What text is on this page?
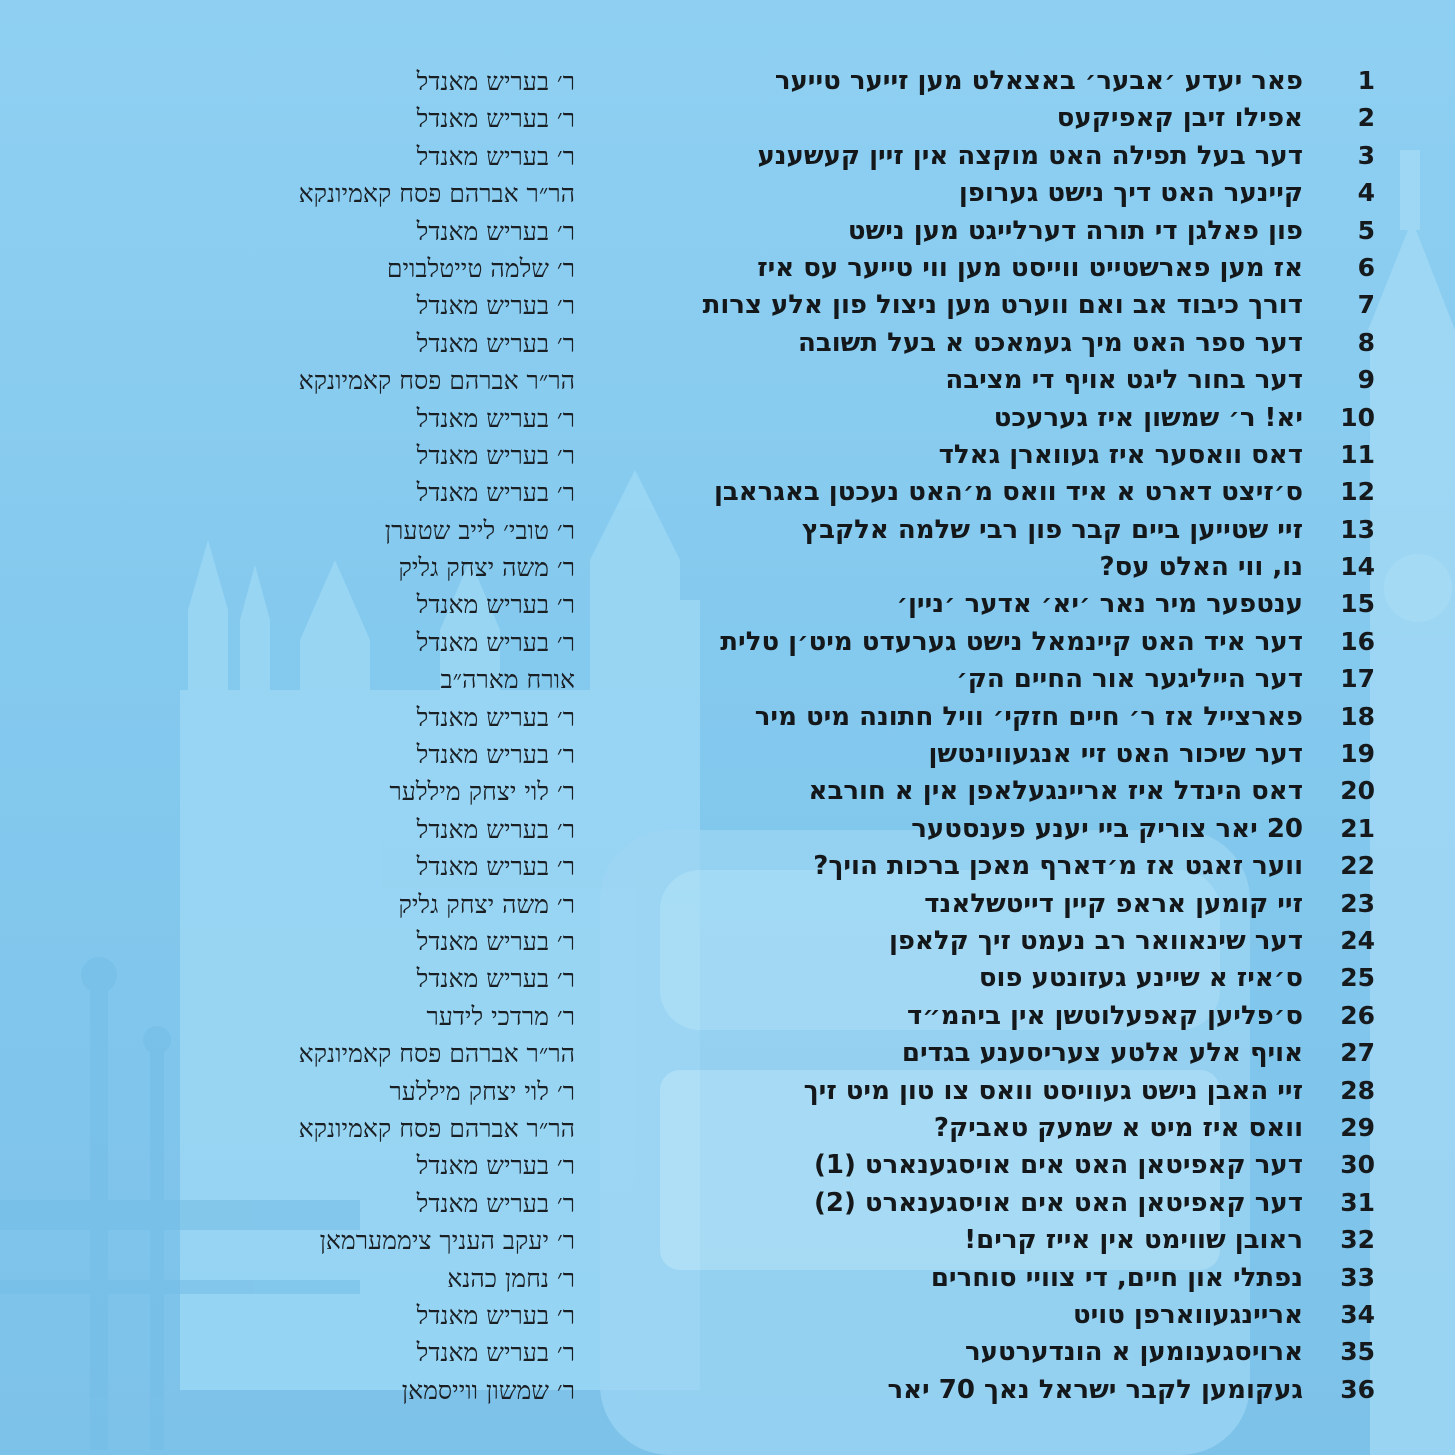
1
פאר יעדע ׳אבער׳ באצאלט מען זייער טייער
ר׳ בעריש מאנדל
2
אפילו זיבן קאפיקעס
ר׳ בעריש מאנדל
3
דער בעל תפילה האט מוקצה אין זיין קעשענע
ר׳ בעריש מאנדל
4
קיינער האט דיך נישט גערופן
הר״ר אברהם פסח קאמיונקא
5
פון פאלגן די תורה דערלייגט מען נישט
ר׳ בעריש מאנדל
6
אז מען פארשטייט ווייסט מען ווי טייער עס איז
ר׳ שלמה טייטלבוים
7
דורך כיבוד אב ואם ווערט מען ניצול פון אלע צרות
ר׳ בעריש מאנדל
8
דער ספר האט מיך געמאכט א בעל תשובה
ר׳ בעריש מאנדל
9
דער בחור ליגט אויף די מציבה
הר״ר אברהם פסח קאמיונקא
10
יא! ר׳ שמשון איז גערעכט
ר׳ בעריש מאנדל
11
דאס וואסער איז געווארן גאלד
ר׳ בעריש מאנדל
12
ס׳זיצט דארט א איד וואס מ׳האט נעכטן באגראבן
ר׳ בעריש מאנדל
13
זיי שטייען ביים קבר פון רבי שלמה אלקבץ
ר׳ טובי׳ לייב שטערן
14
נו, ווי האלט עס?
ר׳ משה יצחק גליק
15
ענטפער מיר נאר ׳יא׳ אדער ׳ניין׳
ר׳ בעריש מאנדל
16
דער איד האט קיינמאל נישט גערעדט מיט׳ן טלית
ר׳ בעריש מאנדל
17
דער הייליגער אור החיים הק׳
אורח מארה״ב
18
פארצייל אז ר׳ חיים חזקי׳ וויל חתונה מיט מיר
ר׳ בעריש מאנדל
19
דער שיכור האט זיי אנגעווינטשן
ר׳ בעריש מאנדל
20
דאס הינדל איז אריינגעלאפן אין א חורבא
ר׳ לוי יצחק מיללער
21
20 יאר צוריק ביי יענע פענסטער
ר׳ בעריש מאנדל
22
ווער זאגט אז מ׳דארף מאכן ברכות הויך?
ר׳ בעריש מאנדל
23
זיי קומען אראפ קיין דייטשלאנד
ר׳ משה יצחק גליק
24
דער שינאוואר רב נעמט זיך קלאפן
ר׳ בעריש מאנדל
25
ס׳איז א שיינע געזונטע פוס
ר׳ בעריש מאנדל
26
ס׳פליען קאפעלוטשן אין ביהמ״ד
ר׳ מרדכי לידער
27
אויף אלע אלטע צעריסענע בגדים
הר״ר אברהם פסח קאמיונקא
28
זיי האבן נישט געוויסט וואס צו טון מיט זיך
ר׳ לוי יצחק מיללער
29
וואס איז מיט א שמעק טאביק?
הר״ר אברהם פסח קאמיונקא
30
דער קאפיטאן האט אים אויסגענארט (1)
ר׳ בעריש מאנדל
31
דער קאפיטאן האט אים אויסגענארט (2)
ר׳ בעריש מאנדל
32
ראובן שווימט אין אייז קרים!
ר׳ יעקב העניך ציממערמאן
33
נפתלי און חיים, די צוויי סוחרים
ר׳ נחמן כהנא
34
אריינגעווארפן טויט
ר׳ בעריש מאנדל
35
ארויסגענומען א הונדערטער
ר׳ בעריש מאנדל
36
געקומען לקבר ישראל נאך 70 יאר
ר׳ שמשון ווייסמאן
